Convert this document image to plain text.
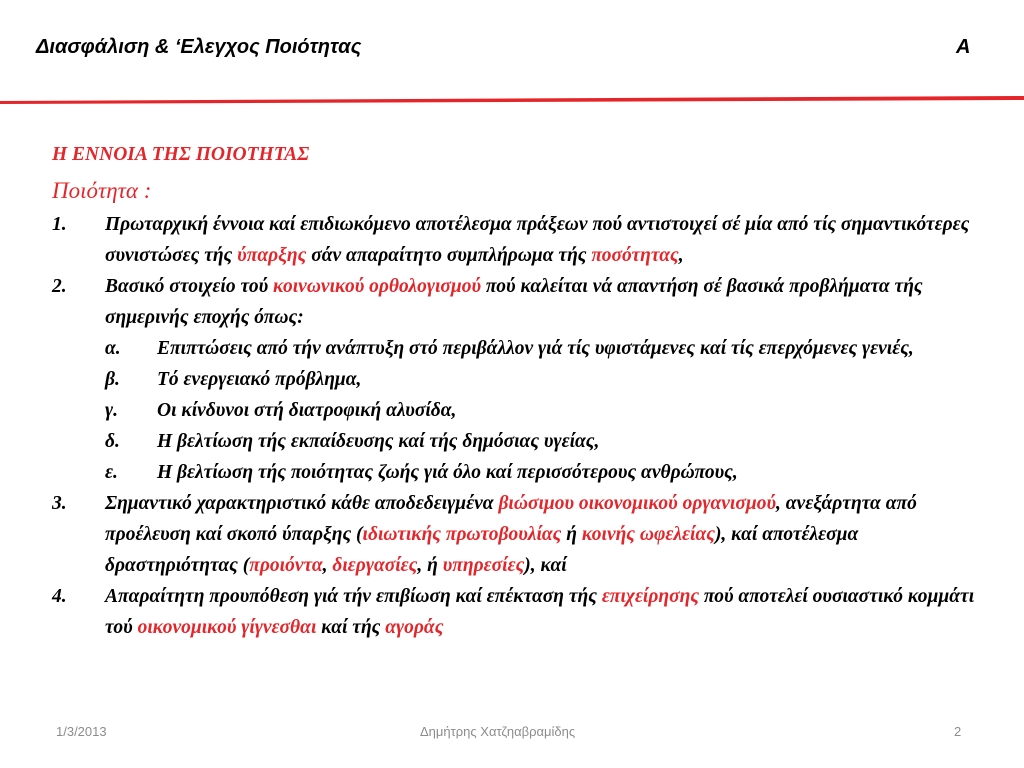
Διασφάλιση & ‘Ελεγχος Ποιότητας	A
Η ΕΝΝΟΙΑ ΤΗΣ ΠΟΙΟΤΗΤΑΣ
Ποιότητα :
1. Πρωταρχική έννοια καί επιδιωκόμενο αποτέλεσμα πράξεων πού αντιστοιχεί σέ μία από τίς σημαντικότερες συνιστώσες τής ύπαρξης σάν απαραίτητο συμπλήρωμα τής ποσότητας,
2. Βασικό στοιχείο τού κοινωνικού ορθολογισμού πού καλείται νά απαντήση σέ βασικά προβλήματα τής σημερινής εποχής όπως:
α. Επιπτώσεις από τήν ανάπτυξη στό περιβάλλον γιά τίς υφιστάμενες καί τίς επερχόμενες γενιές,
β. Tό ενεργειακό πρόβλημα,
γ. Οι κίνδυνοι στή διατροφική αλυσίδα,
δ. Η βελτίωση τής εκπαίδευσης καί τής δημόσιας υγείας,
ε. Η βελτίωση τής ποιότητας ζωής γιά όλο καί περισσότερους ανθρώπους,
3. Σημαντικό χαρακτηριστικό κάθε αποδεδειγμένα βιώσιμου οικονομικού οργανισμού, ανεξάρτητα από προέλευση καί σκοπό ύπαρξης (ιδιωτικής πρωτοβουλίας ή κοινής ωφελείας), καί αποτέλεσμα δραστηριότητας (προιόντα, διεργασίες, ή υπηρεσίες), καί
4. Απαραίτητη προυπόθεση γιά τήν επιβίωση καί επέκταση τής επιχείρησης πού αποτελεί ουσιαστικό κομμάτι τού οικονομικού γίγνεσθαι καί τής αγοράς
1/3/2013	Δημήτρης Χατζηαβραμίδης	2
